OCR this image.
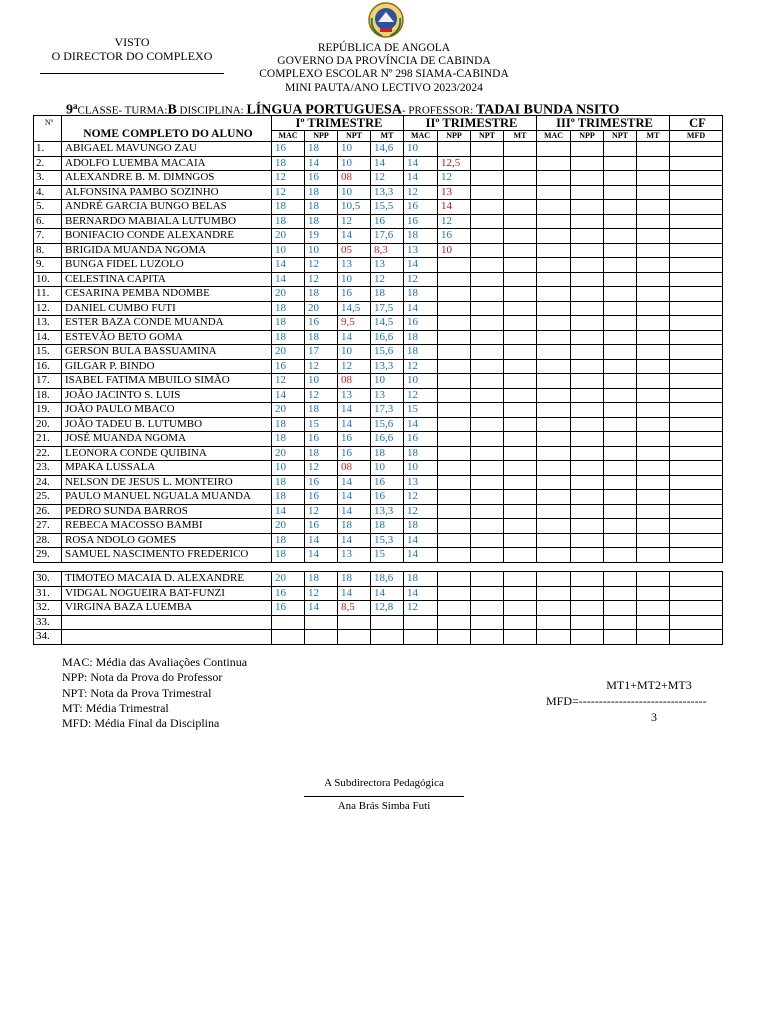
VISTO
O DIRECTOR DO COMPLEXO
REPÚBLICA DE ANGOLA
GOVERNO DA PROVÍNCIA DE CABINDA
COMPLEXO ESCOLAR Nº 298 SIAMA-CABINDA
MINI PAUTA/ANO LECTIVO 2023/2024
9$^a$CLASSE- TURMA:B DISCIPLINA: LÍNGUA PORTUGUESA- PROFESSOR: TADAI BUNDA NSITO
Nº	NOME COMPLETO DO ALUNO	Iº TRIMESTRE				IIº TRIMESTRE				IIIº TRIMESTRE				CF
		MAC	NPP	NPT	MT	MAC	NPP	NPT	MT	MAC	NPP	NPT	MT	MFD
1.	ABIGAEL MAVUNGO ZAU	16	18	10	14,6	10								
2.	ADOLFO LUEMBA MACAIA	18	14	10	14	14	12,5							
3.	ALEXANDRE B. M. DIMNGOS	12	16	08	12	14	12							
4.	ALFONSINA PAMBO SOZINHO	12	18	10	13,3	12	13							
5.	ANDRÉ GARCIA BUNGO BELAS	18	18	10,5	15,5	16	14							
6.	BERNARDO MABIALA LUTUMBO	18	18	12	16	16	12							
7.	BONIFACIO CONDE ALEXANDRE	20	19	14	17,6	18	16							
8.	BRIGIDA MUANDA NGOMA	10	10	05	8,3	13	10							
9.	BUNGA FIDEL LUZOLO	14	12	13	13	14								
10.	CELESTINA CAPITA	14	12	10	12	12								
11.	CESARINA PEMBA NDOMBE	20	18	16	18	18								
12.	DANIEL CUMBO FUTI	18	20	14,5	17,5	14								
13.	ESTER BAZA CONDE MUANDA	18	16	9,5	14,5	16								
14.	ESTEVÃO BETO GOMA	18	18	14	16,6	18								
15.	GERSON BULA BASSUAMINA	20	17	10	15,6	18								
16.	GILGAR P. BINDO	16	12	12	13,3	12								
17.	ISABEL FATIMA MBUILO SIMÃO	12	10	08	10	10								
18.	JOÃO JACINTO S. LUIS	14	12	13	13	12								
19.	JOÃO PAULO MBACO	20	18	14	17,3	15								
20.	JOÃO TADEU B. LUTUMBO	18	15	14	15,6	14								
21.	JOSÉ MUANDA NGOMA	18	16	16	16,6	16								
22.	LEONORA CONDE QUIBINA	20	18	16	18	18								
23.	MPAKA LUSSALA	10	12	08	10	10								
24.	NELSON DE JESUS L. MONTEIRO	18	16	14	16	13								
25.	PAULO MANUEL NGUALA MUANDA	18	16	14	16	12								
26.	PEDRO SUNDA BARROS	14	12	14	13,3	12								
27.	REBECA MACOSSO BAMBI	20	16	18	18	18								
28.	ROSA NDOLO GOMES	18	14	14	15,3	14								
29.	SAMUEL NASCIMENTO FREDERICO	18	14	13	15	14								
30.	TIMOTEO MACAIA D. ALEXANDRE	20	18	18	18,6	18								
31.	VIDGAL NOGUEIRA BAT-FUNZI	16	12	14	14	14								
32.	VIRGINA BAZA LUEMBA	16	14	8,5	12,8	12								
33.														
34.														
MAC: Média das Avaliações Continua
NPP: Nota da Prova do Professor
NPT: Nota da Prova Trimestral
MT: Média Trimestral
MFD: Média Final da Disciplina
MT1+MT2+MT3
MFD=--------------------------------
3
A Subdirectora Pedagógica
Ana Brás Simba Futi
